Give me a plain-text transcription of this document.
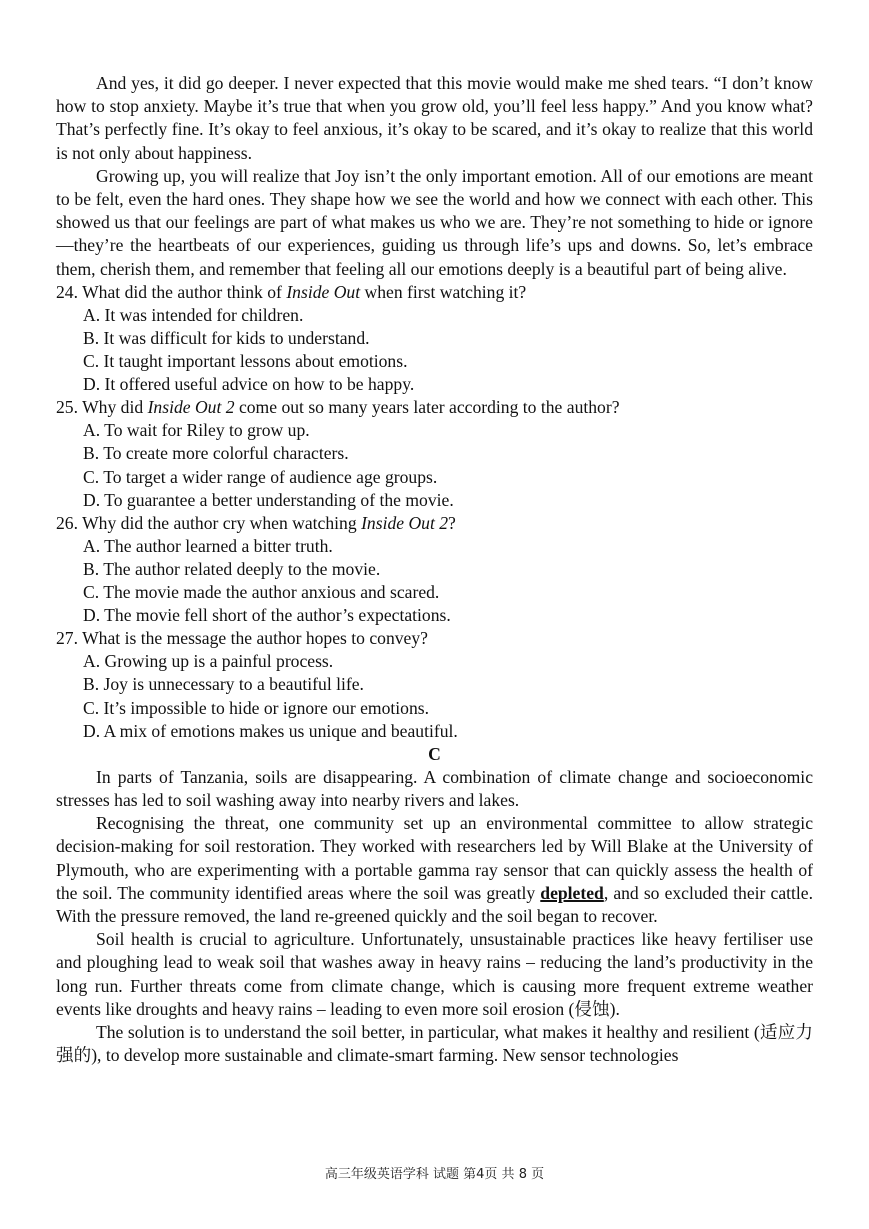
And yes, it did go deeper. I never expected that this movie would make me shed tears. “I don’t know how to stop anxiety. Maybe it’s true that when you grow old, you’ll feel less happy.” And you know what? That’s perfectly fine. It’s okay to feel anxious, it’s okay to be scared, and it’s okay to realize that this world is not only about happiness.

Growing up, you will realize that Joy isn’t the only important emotion. All of our emotions are meant to be felt, even the hard ones. They shape how we see the world and how we connect with each other. This showed us that our feelings are part of what makes us who we are. They’re not something to hide or ignore—they’re the heartbeats of our experiences, guiding us through life’s ups and downs. So, let’s embrace them, cherish them, and remember that feeling all our emotions deeply is a beautiful part of being alive.

24. What did the author think of Inside Out when first watching it?

A. It was intended for children.

B. It was difficult for kids to understand.

C. It taught important lessons about emotions.

D. It offered useful advice on how to be happy.

25. Why did Inside Out 2 come out so many years later according to the author?

A. To wait for Riley to grow up.

B. To create more colorful characters.

C. To target a wider range of audience age groups.

D. To guarantee a better understanding of the movie.

26. Why did the author cry when watching Inside Out 2?

A. The author learned a bitter truth.

B. The author related deeply to the movie.

C. The movie made the author anxious and scared.

D. The movie fell short of the author’s expectations.

27. What is the message the author hopes to convey?

A. Growing up is a painful process.

B. Joy is unnecessary to a beautiful life.

C. It’s impossible to hide or ignore our emotions.

D. A mix of emotions makes us unique and beautiful.

C

In parts of Tanzania, soils are disappearing. A combination of climate change and socioeconomic stresses has led to soil washing away into nearby rivers and lakes.

Recognising the threat, one community set up an environmental committee to allow strategic decision-making for soil restoration. They worked with researchers led by Will Blake at the University of Plymouth, who are experimenting with a portable gamma ray sensor that can quickly assess the health of the soil. The community identified areas where the soil was greatly depleted, and so excluded their cattle. With the pressure removed, the land re-greened quickly and the soil began to recover.

Soil health is crucial to agriculture. Unfortunately, unsustainable practices like heavy fertiliser use and ploughing lead to weak soil that washes away in heavy rains – reducing the land’s productivity in the long run. Further threats come from climate change, which is causing more frequent extreme weather events like droughts and heavy rains – leading to even more soil erosion (侵蚀).

The solution is to understand the soil better, in particular, what makes it healthy and resilient (适应力强的), to develop more sustainable and climate-smart farming. New sensor technologies

高三年级英语学科 试题 第4页 共 8 页
